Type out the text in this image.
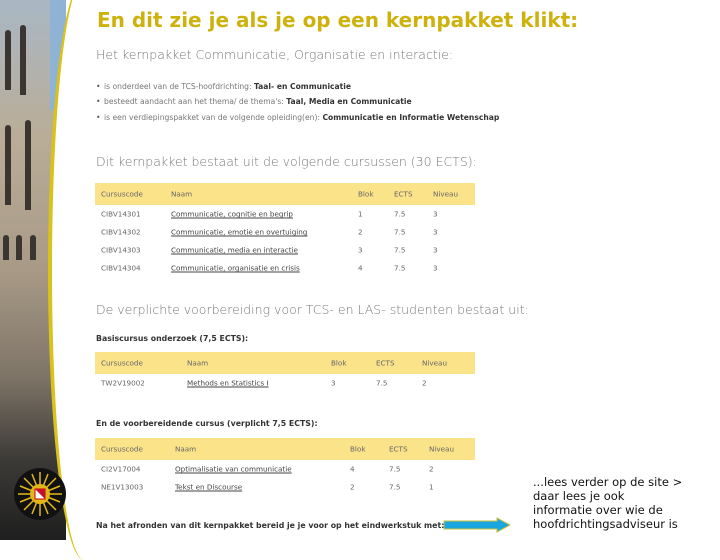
En dit zie je als je op een kernpakket klikt:
Het kernpakket Communicatie, Organisatie en interactie:
• is onderdeel van de TCS-hoofdrichting: Taal- en Communicatie
• besteedt aandacht aan het thema/ de thema's: Taal, Media en Communicatie
• is een verdiepingspakket van de volgende opleiding(en): Communicatie en Informatie Wetenschap
Dit kernpakket bestaat uit de volgende cursussen (30 ECTS):
Cursuscode	Naam	Blok	ECTS	Niveau
CIBV14301	Communicatie, cognitie en begrip	1	7.5	3
CIBV14302	Communicatie, emotie en overtuiging	2	7.5	3
CIBV14303	Communicatie, media en interactie	3	7.5	3
CIBV14304	Communicatie, organisatie en crisis	4	7.5	3
De verplichte voorbereiding voor TCS- en LAS- studenten bestaat uit:
Basiscursus onderzoek (7,5 ECTS):
Cursuscode	Naam	Blok	ECTS	Niveau
TW2V19002	Methods en Statistics I	3	7.5	2
En de voorbereidende cursus (verplicht 7,5 ECTS):
Cursuscode	Naam	Blok	ECTS	Niveau
CI2V17004	Optimalisatie van communicatie	4	7.5	2
NE1V13003	Tekst en Discourse	2	7.5	1
Na het afronden van dit kernpakket bereid je je voor op het eindwerkstuk met:
...lees verder op de site >
daar lees je ook
informatie over wie de
hoofdrichtingsadviseur is
